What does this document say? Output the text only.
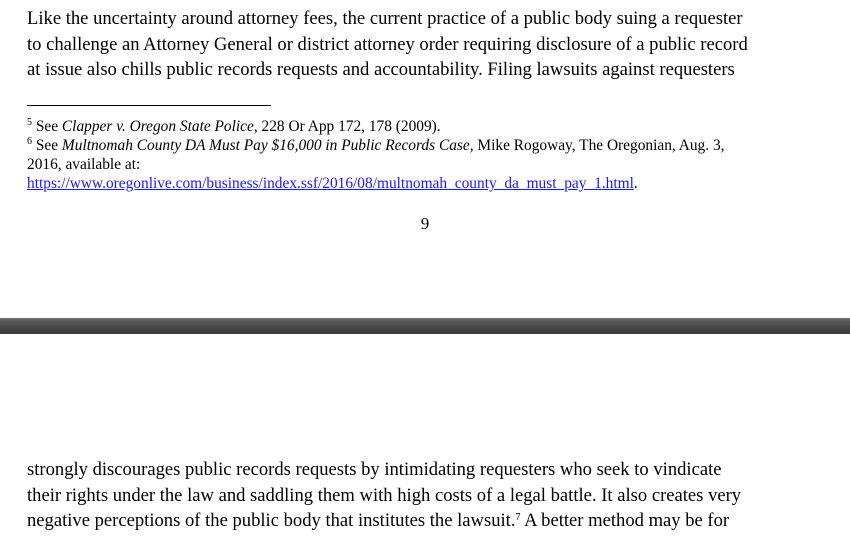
Like the uncertainty around attorney fees, the current practice of a public body suing a requester
to challenge an Attorney General or district attorney order requiring disclosure of a public record
at issue also chills public records requests and accountability. Filing lawsuits against requesters

$^5$ See Clapper v. Oregon State Police, 228 Or App 172, 178 (2009).
$^6$ See Multnomah County DA Must Pay $16,000 in Public Records Case, Mike Rogoway, The Oregonian, Aug. 3,
2016, available at:
https://www.oregonlive.com/business/index.ssf/2016/08/multnomah_county_da_must_pay_1.html.
9

strongly discourages public records requests by intimidating requesters who seek to vindicate
their rights under the law and saddling them with high costs of a legal battle. It also creates very
negative perceptions of the public body that institutes the lawsuit.$^7$ A better method may be for
